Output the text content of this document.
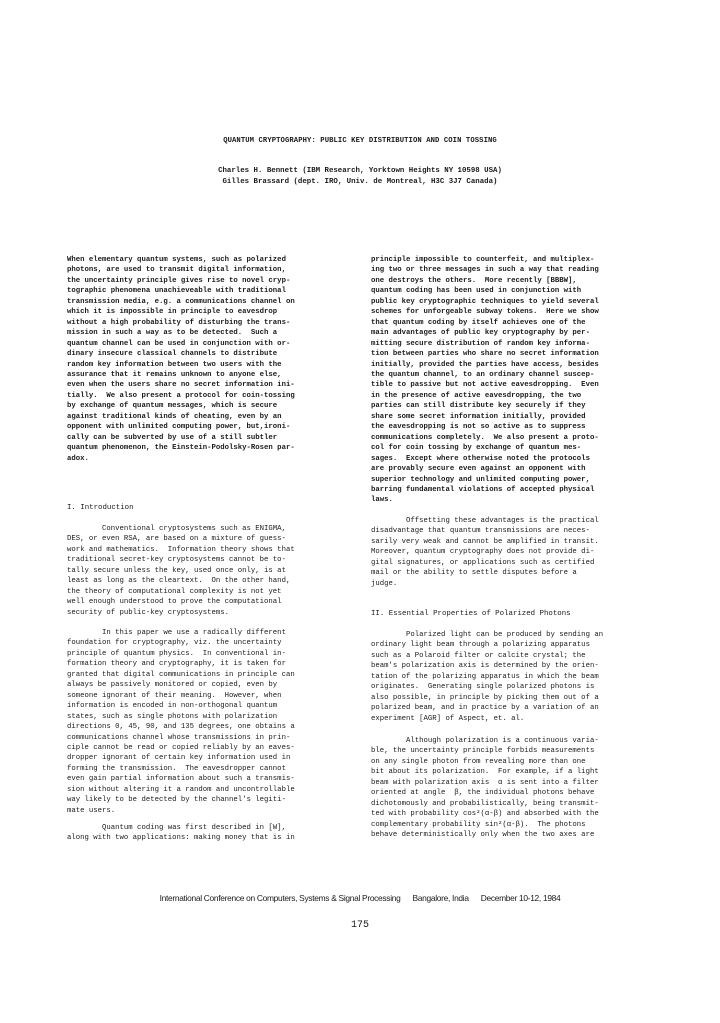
QUANTUM CRYPTOGRAPHY: PUBLIC KEY DISTRIBUTION AND COIN TOSSING
Charles H. Bennett (IBM Research, Yorktown Heights NY 10598 USA)
Gilles Brassard (dept. IRO, Univ. de Montreal, H3C 3J7 Canada)
When elementary quantum systems, such as polarized
photons, are used to transmit digital information,
the uncertainty principle gives rise to novel cryp-
tographic phenomena unachieveable with traditional
transmission media, e.g. a communications channel on
which it is impossible in principle to eavesdrop
without a high probability of disturbing the trans-
mission in such a way as to be detected.  Such a
quantum channel can be used in conjunction with or-
dinary insecure classical channels to distribute
random key information between two users with the
assurance that it remains unknown to anyone else,
even when the users share no secret information ini-
tially.  We also present a protocol for coin-tossing
by exchange of quantum messages, which is secure
against traditional kinds of cheating, even by an
opponent with unlimited computing power, but,ironi-
cally can be subverted by use of a still subtler
quantum phenomenon, the Einstein-Podolsky-Rosen par-
adox.
I. Introduction
Conventional cryptosystems such as ENIGMA,
DES, or even RSA, are based on a mixture of guess-
work and mathematics.  Information theory shows that
traditional secret-key cryptosystems cannot be to-
tally secure unless the key, used once only, is at
least as long as the cleartext.  On the other hand,
the theory of computational complexity is not yet
well enough understood to prove the computational
security of public-key cryptosystems.
In this paper we use a radically different
foundation for cryptography, viz. the uncertainty
principle of quantum physics.  In conventional in-
formation theory and cryptography, it is taken for
granted that digital communications in principle can
always be passively monitored or copied, even by
someone ignorant of their meaning.  However, when
information is encoded in non-orthogonal quantum
states, such as single photons with polarization
directions 0, 45, 90, and 135 degrees, one obtains a
communications channel whose transmissions in prin-
ciple cannot be read or copied reliably by an eaves-
dropper ignorant of certain key information used in
forming the transmission.  The eavesdropper cannot
even gain partial information about such a transmis-
sion without altering it a random and uncontrollable
way likely to be detected by the channel's legiti-
mate users.
Quantum coding was first described in [W],
along with two applications: making money that is in
principle impossible to counterfeit, and multiplex-
ing two or three messages in such a way that reading
one destroys the others.  More recently [BBBW],
quantum coding has been used in conjunction with
public key cryptographic techniques to yield several
schemes for unforgeable subway tokens.  Here we show
that quantum coding by itself achieves one of the
main advantages of public key cryptography by per-
mitting secure distribution of random key informa-
tion between parties who share no secret information
initially, provided the parties have access, besides
the quantum channel, to an ordinary channel suscep-
tible to passive but not active eavesdropping.  Even
in the presence of active eavesdropping, the two
parties can still distribute key securely if they
share some secret information initially, provided
the eavesdropping is not so active as to suppress
communications completely.  We also present a proto-
col for coin tossing by exchange of quantum mes-
sages.  Except where otherwise noted the protocols
are provably secure even against an opponent with
superior technology and unlimited computing power,
barring fundamental violations of accepted physical
laws.
Offsetting these advantages is the practical
disadvantage that quantum transmissions are neces-
sarily very weak and cannot be amplified in transit.
Moreover, quantum cryptography does not provide di-
gital signatures, or applications such as certified
mail or the ability to settle disputes before a
judge.
II. Essential Properties of Polarized Photons
Polarized light can be produced by sending an
ordinary light beam through a polarizing apparatus
such as a Polaroid filter or calcite crystal; the
beam's polarization axis is determined by the orien-
tation of the polarizing apparatus in which the beam
originates.  Generating single polarized photons is
also possible, in principle by picking them out of a
polarized beam, and in practice by a variation of an
experiment [AGR] of Aspect, et. al.
Although polarization is a continuous varia-
ble, the uncertainty principle forbids measurements
on any single photon from revealing more than one
bit about its polarization.  For example, if a light
beam with polarization axis  α is sent into a filter
oriented at angle  β, the individual photons behave
dichotomously and probabilistically, being transmit-
ted with probability cos²(α-β) and absorbed with the
complementary probability sin²(α-β).  The photons
behave deterministically only when the two axes are
International Conference on Computers, Systems & Signal Processing Bangalore, India December 10-12, 1984
175
